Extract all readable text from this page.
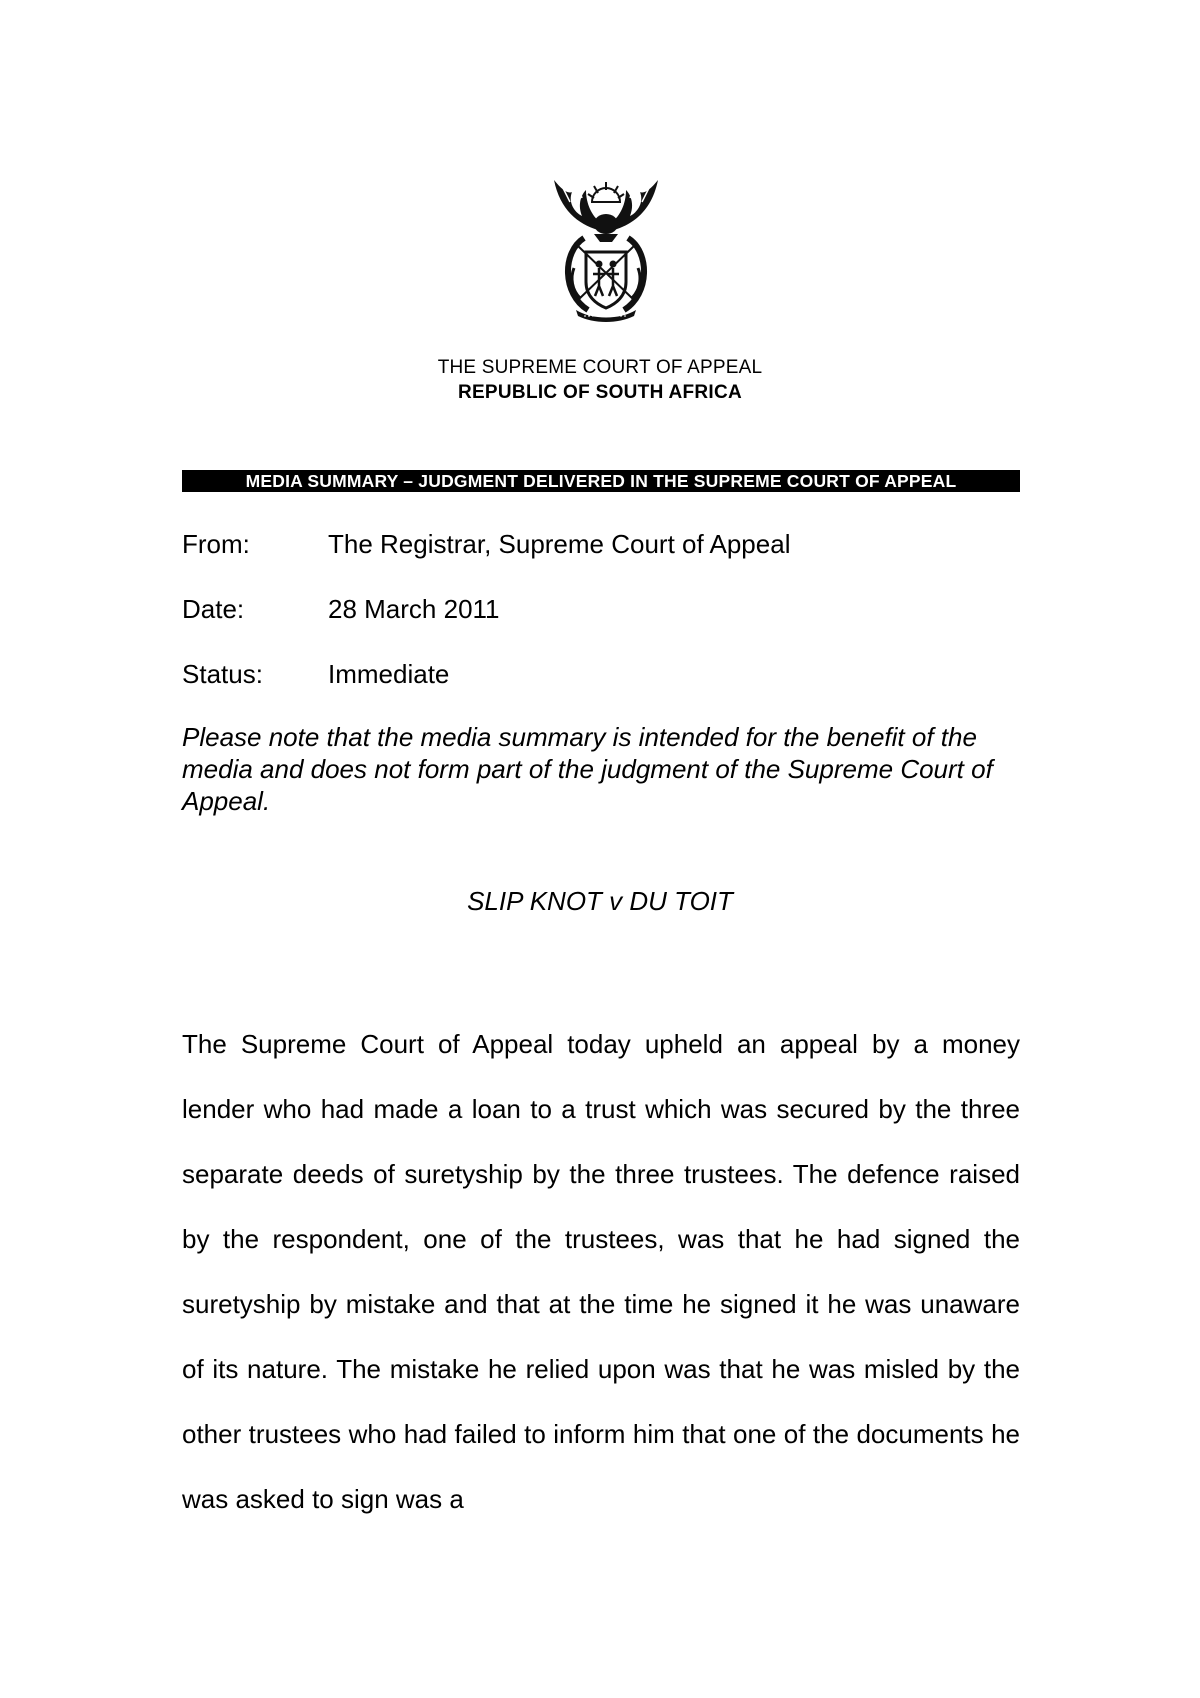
THE SUPREME COURT OF APPEAL
REPUBLIC OF SOUTH AFRICA
MEDIA SUMMARY – JUDGMENT DELIVERED IN THE SUPREME COURT OF APPEAL
From:	The Registrar, Supreme Court of Appeal
Date:	28 March 2011
Status:	Immediate

Please note that the media summary is intended for the benefit of the media and does not form part of the judgment of the Supreme Court of Appeal.

SLIP KNOT v DU TOIT

The Supreme Court of Appeal today upheld an appeal by a money lender who had made a loan to a trust which was secured by the three separate deeds of suretyship by the three trustees. The defence raised by the respondent, one of the trustees, was that he had signed the suretyship by mistake and that at the time he signed it he was unaware of its nature. The mistake he relied upon was that he was misled by the other trustees who had failed to inform him that one of the documents he was asked to sign was a
